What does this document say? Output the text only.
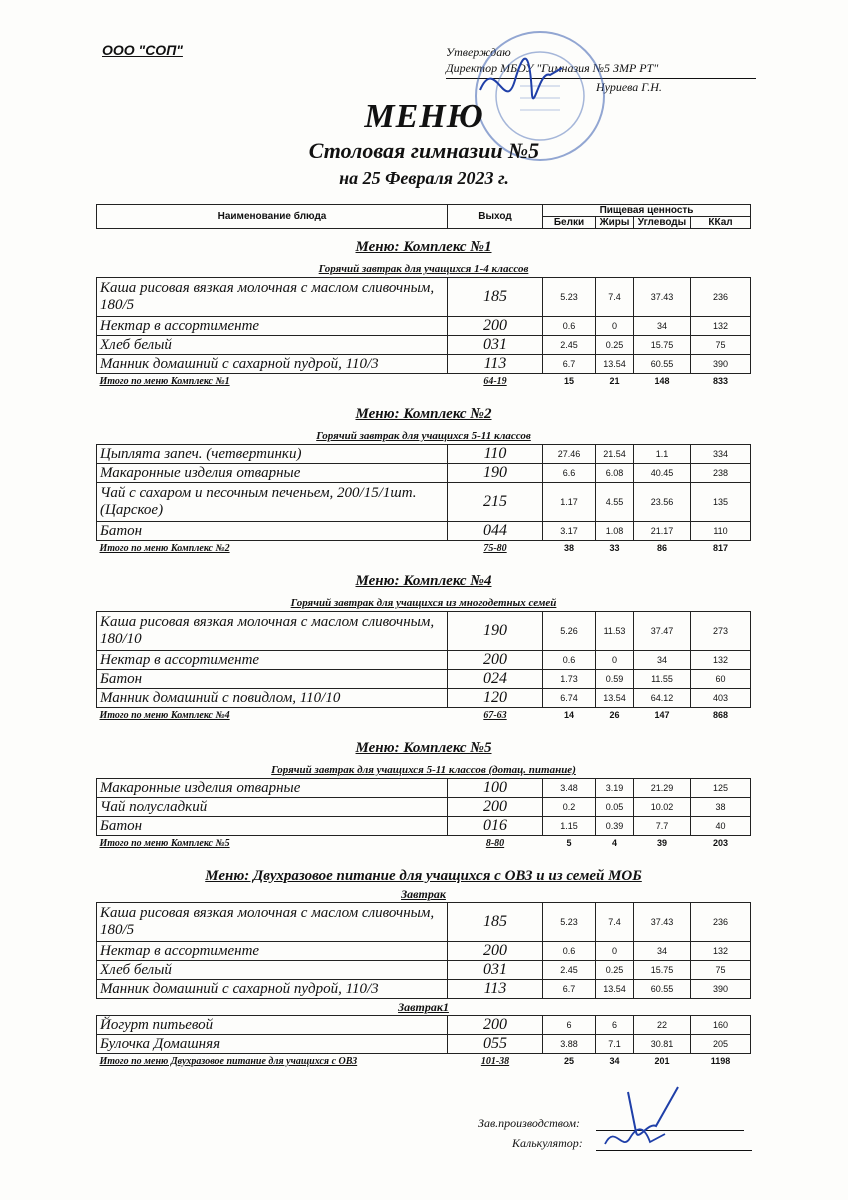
ООО "СОП"	Утверждаю
Директор МБОУ "Гимназия №5 ЗМР РТ"
Нуриева Г.Н.
МЕНЮ
Столовая гимназии №5
на 25 Февраля 2023 г.
Наименование блюда	Выход	Пищевая ценность			
		Белки	Жиры	Углеводы	ККал
Меню: Комплекс №1					
Горячий завтрак для учащихся 1-4 классов					
Каша рисовая вязкая молочная с маслом сливочным, 180/5	185	5.23	7.4	37.43	236
Нектар в ассортименте	200	0.6	0	34	132
Хлеб белый	031	2.45	0.25	15.75	75
Манник домашний с сахарной пудрой, 110/3	113	6.7	13.54	60.55	390
Итого по меню Комплекс №1	64-19	15	21	148	833

Меню: Комплекс №2					
Горячий завтрак для учащихся 5-11 классов					
Цыплята запеч. (четвертинки)	110	27.46	21.54	1.1	334
Макаронные изделия отварные	190	6.6	6.08	40.45	238
Чай с сахаром и песочным печеньем, 200/15/1шт. (Царское)	215	1.17	4.55	23.56	135
Батон	044	3.17	1.08	21.17	110
Итого по меню Комплекс №2	75-80	38	33	86	817

Меню: Комплекс №4					
Горячий завтрак для учащихся из многодетных семей					
Каша рисовая вязкая молочная с маслом сливочным, 180/10	190	5.26	11.53	37.47	273
Нектар в ассортименте	200	0.6	0	34	132
Батон	024	1.73	0.59	11.55	60
Манник домашний с повидлом, 110/10	120	6.74	13.54	64.12	403
Итого по меню Комплекс №4	67-63	14	26	147	868

Меню: Комплекс №5					
Горячий завтрак для учащихся 5-11 классов (дотац. питание)					
Макаронные изделия отварные	100	3.48	3.19	21.29	125
Чай полусладкий	200	0.2	0.05	10.02	38
Батон	016	1.15	0.39	7.7	40
Итого по меню Комплекс №5	8-80	5	4	39	203

Меню: Двухразовое питание для учащихся с ОВЗ и из семей МОБ					
Завтрак					
Каша рисовая вязкая молочная с маслом сливочным, 180/5	185	5.23	7.4	37.43	236
Нектар в ассортименте	200	0.6	0	34	132
Хлеб белый	031	2.45	0.25	15.75	75
Манник домашний с сахарной пудрой, 110/3	113	6.7	13.54	60.55	390
Завтрак1					
Йогурт питьевой	200	6	6	22	160
Булочка Домашняя	055	3.88	7.1	30.81	205
Итого по меню Двухразовое питание для учащихся с ОВЗ	101-38	25	34	201	1198
Зав.производством:
Калькулятор:
